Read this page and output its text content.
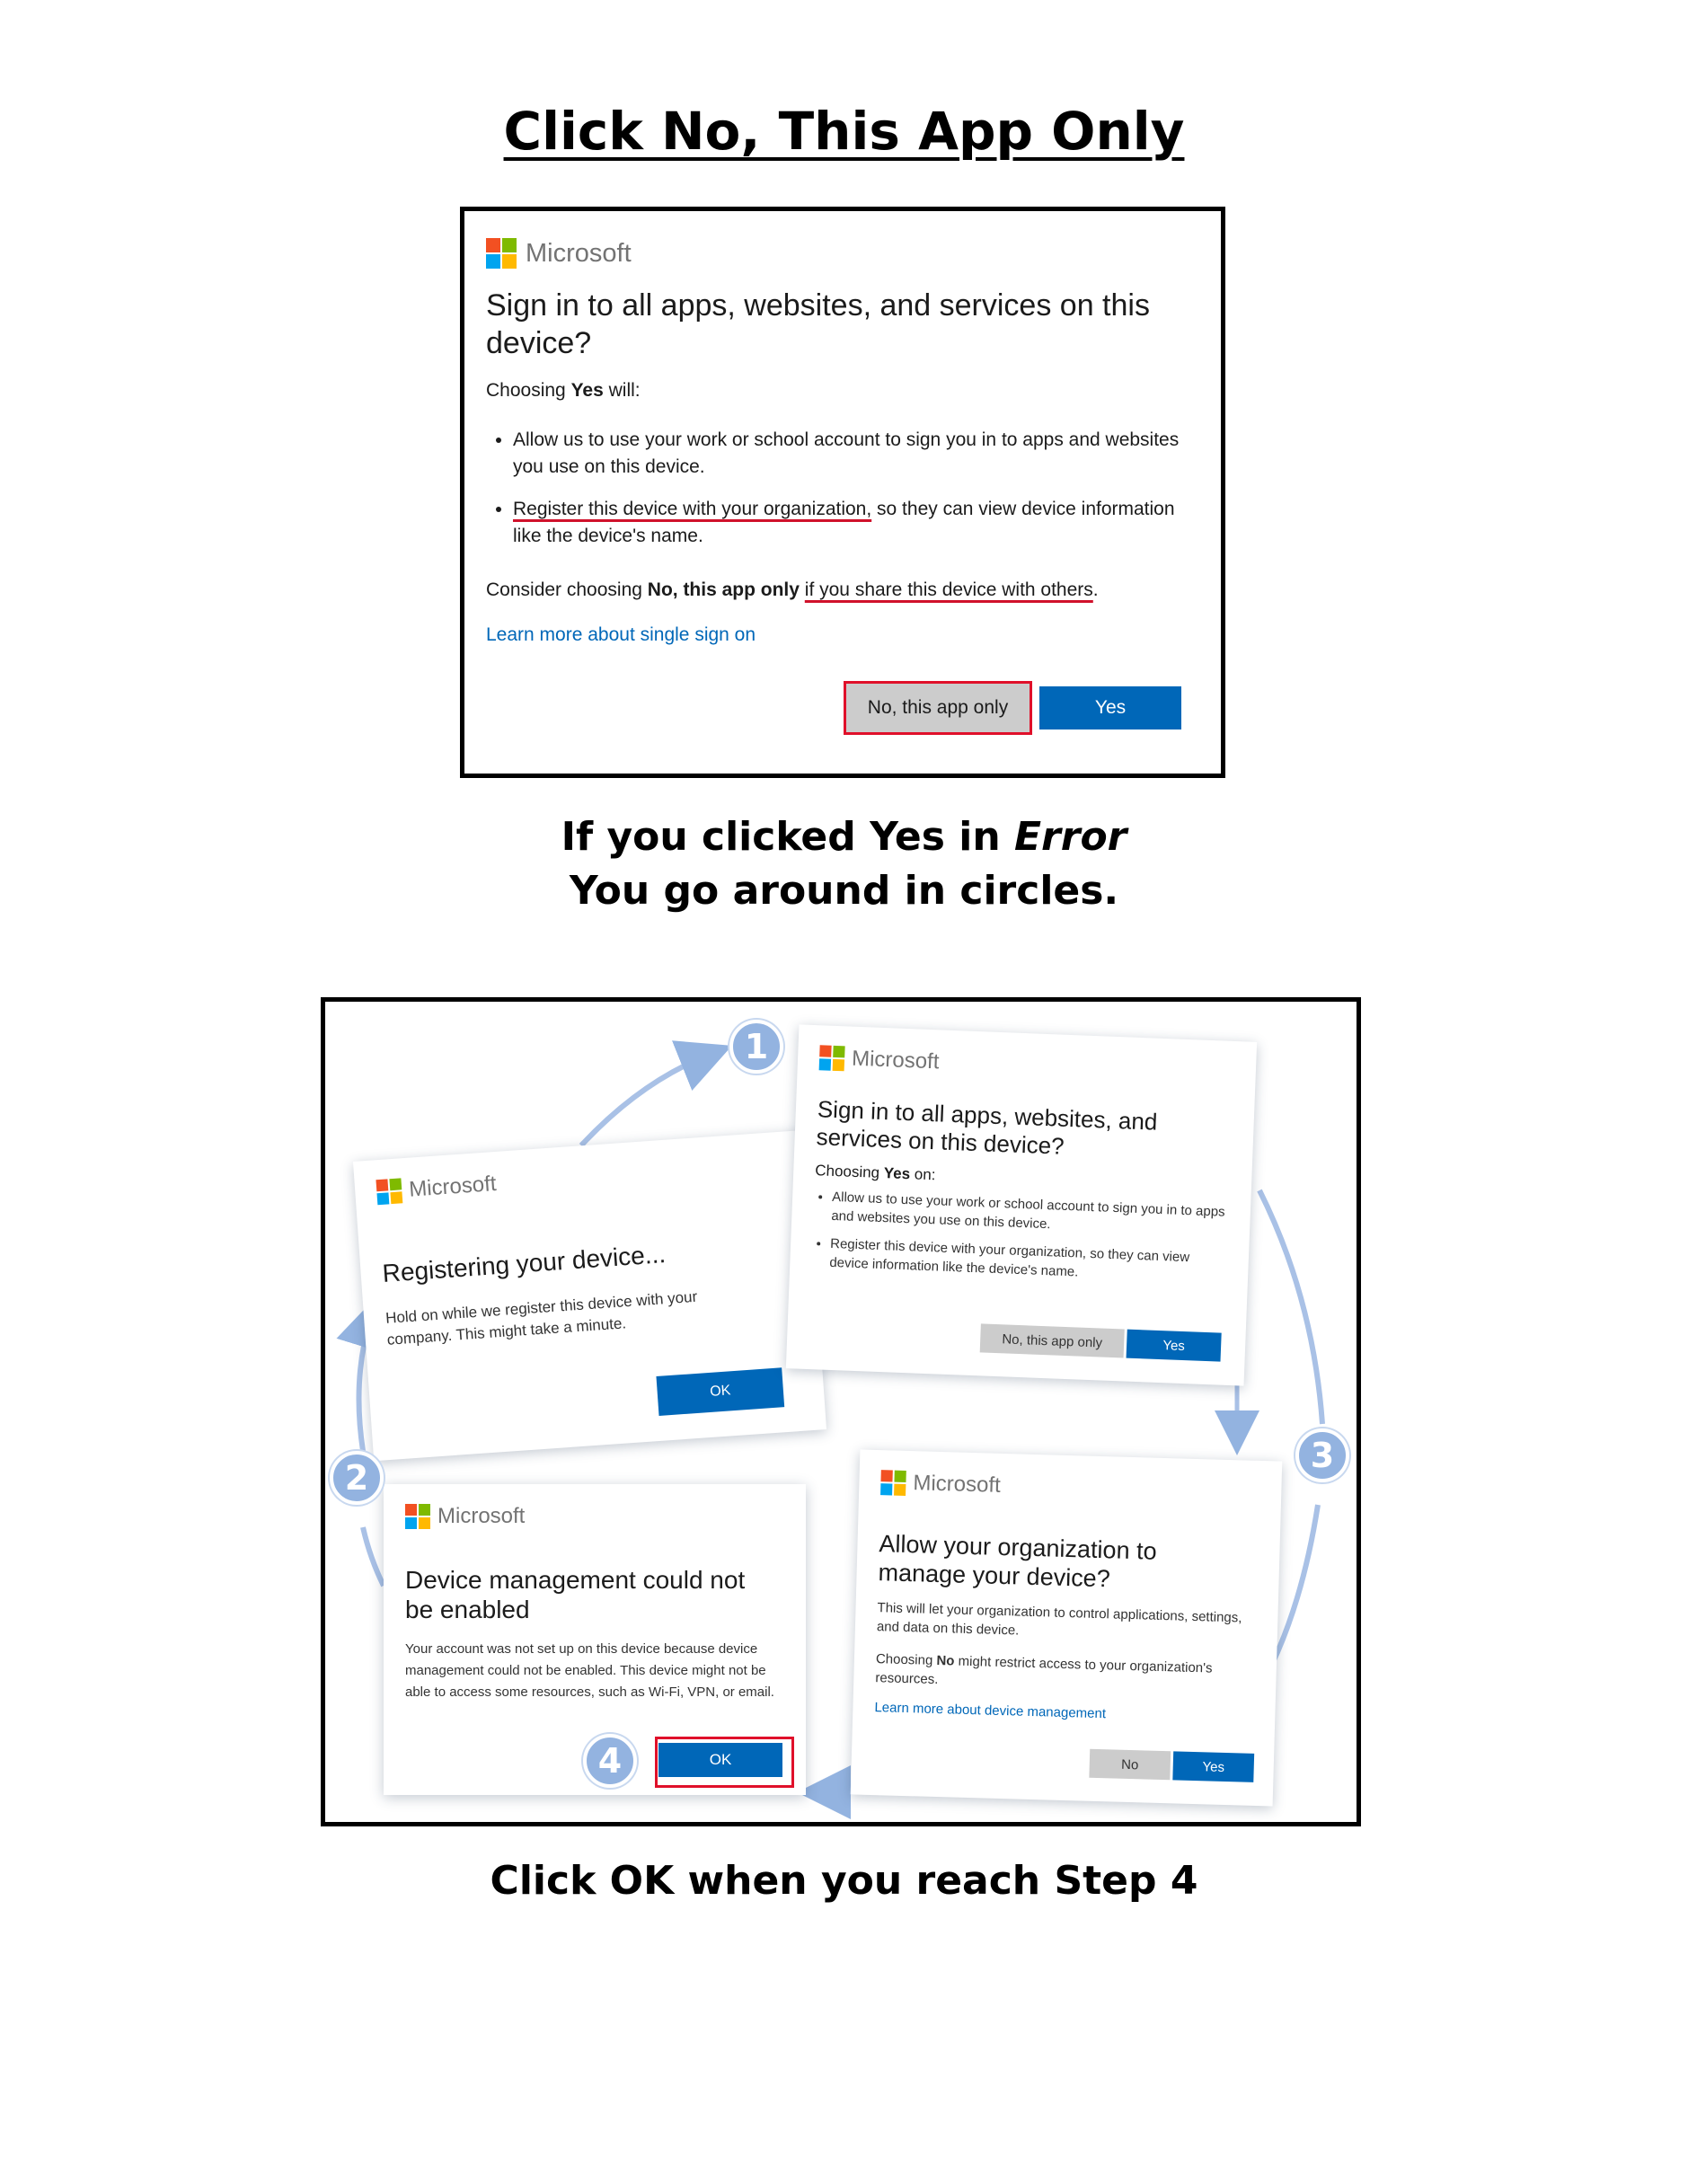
Click No, This App Only
Microsoft
Sign in to all apps, websites, and services on this device?
Choosing Yes will:
• Allow us to use your work or school account to sign you in to apps and websites you use on this device.
• Register this device with your organization, so they can view device information like the device's name.
Consider choosing No, this app only if you share this device with others.
Learn more about single sign on
No, this app only	Yes
If you clicked Yes in Error
You go around in circles.
Microsoft
Registering your device...
Hold on while we register this device with your company. This might take a minute.
OK
Microsoft
Sign in to all apps, websites, and services on this device?
Choosing Yes on:
• Allow us to use your work or school account to sign you in to apps and websites you use on this device.
• Register this device with your organization, so they can view device information like the device's name.
No, this app only	Yes
Microsoft
Allow your organization to manage your device?
This will let your organization to control applications, settings, and data on this device.
Choosing No might restrict access to your organization's resources.
Learn more about device management
No	Yes
Microsoft
Device management could not be enabled
Your account was not set up on this device because device management could not be enabled. This device might not be able to access some resources, such as Wi-Fi, VPN, or email.
OK
1
2
3
4
Click OK when you reach Step 4
